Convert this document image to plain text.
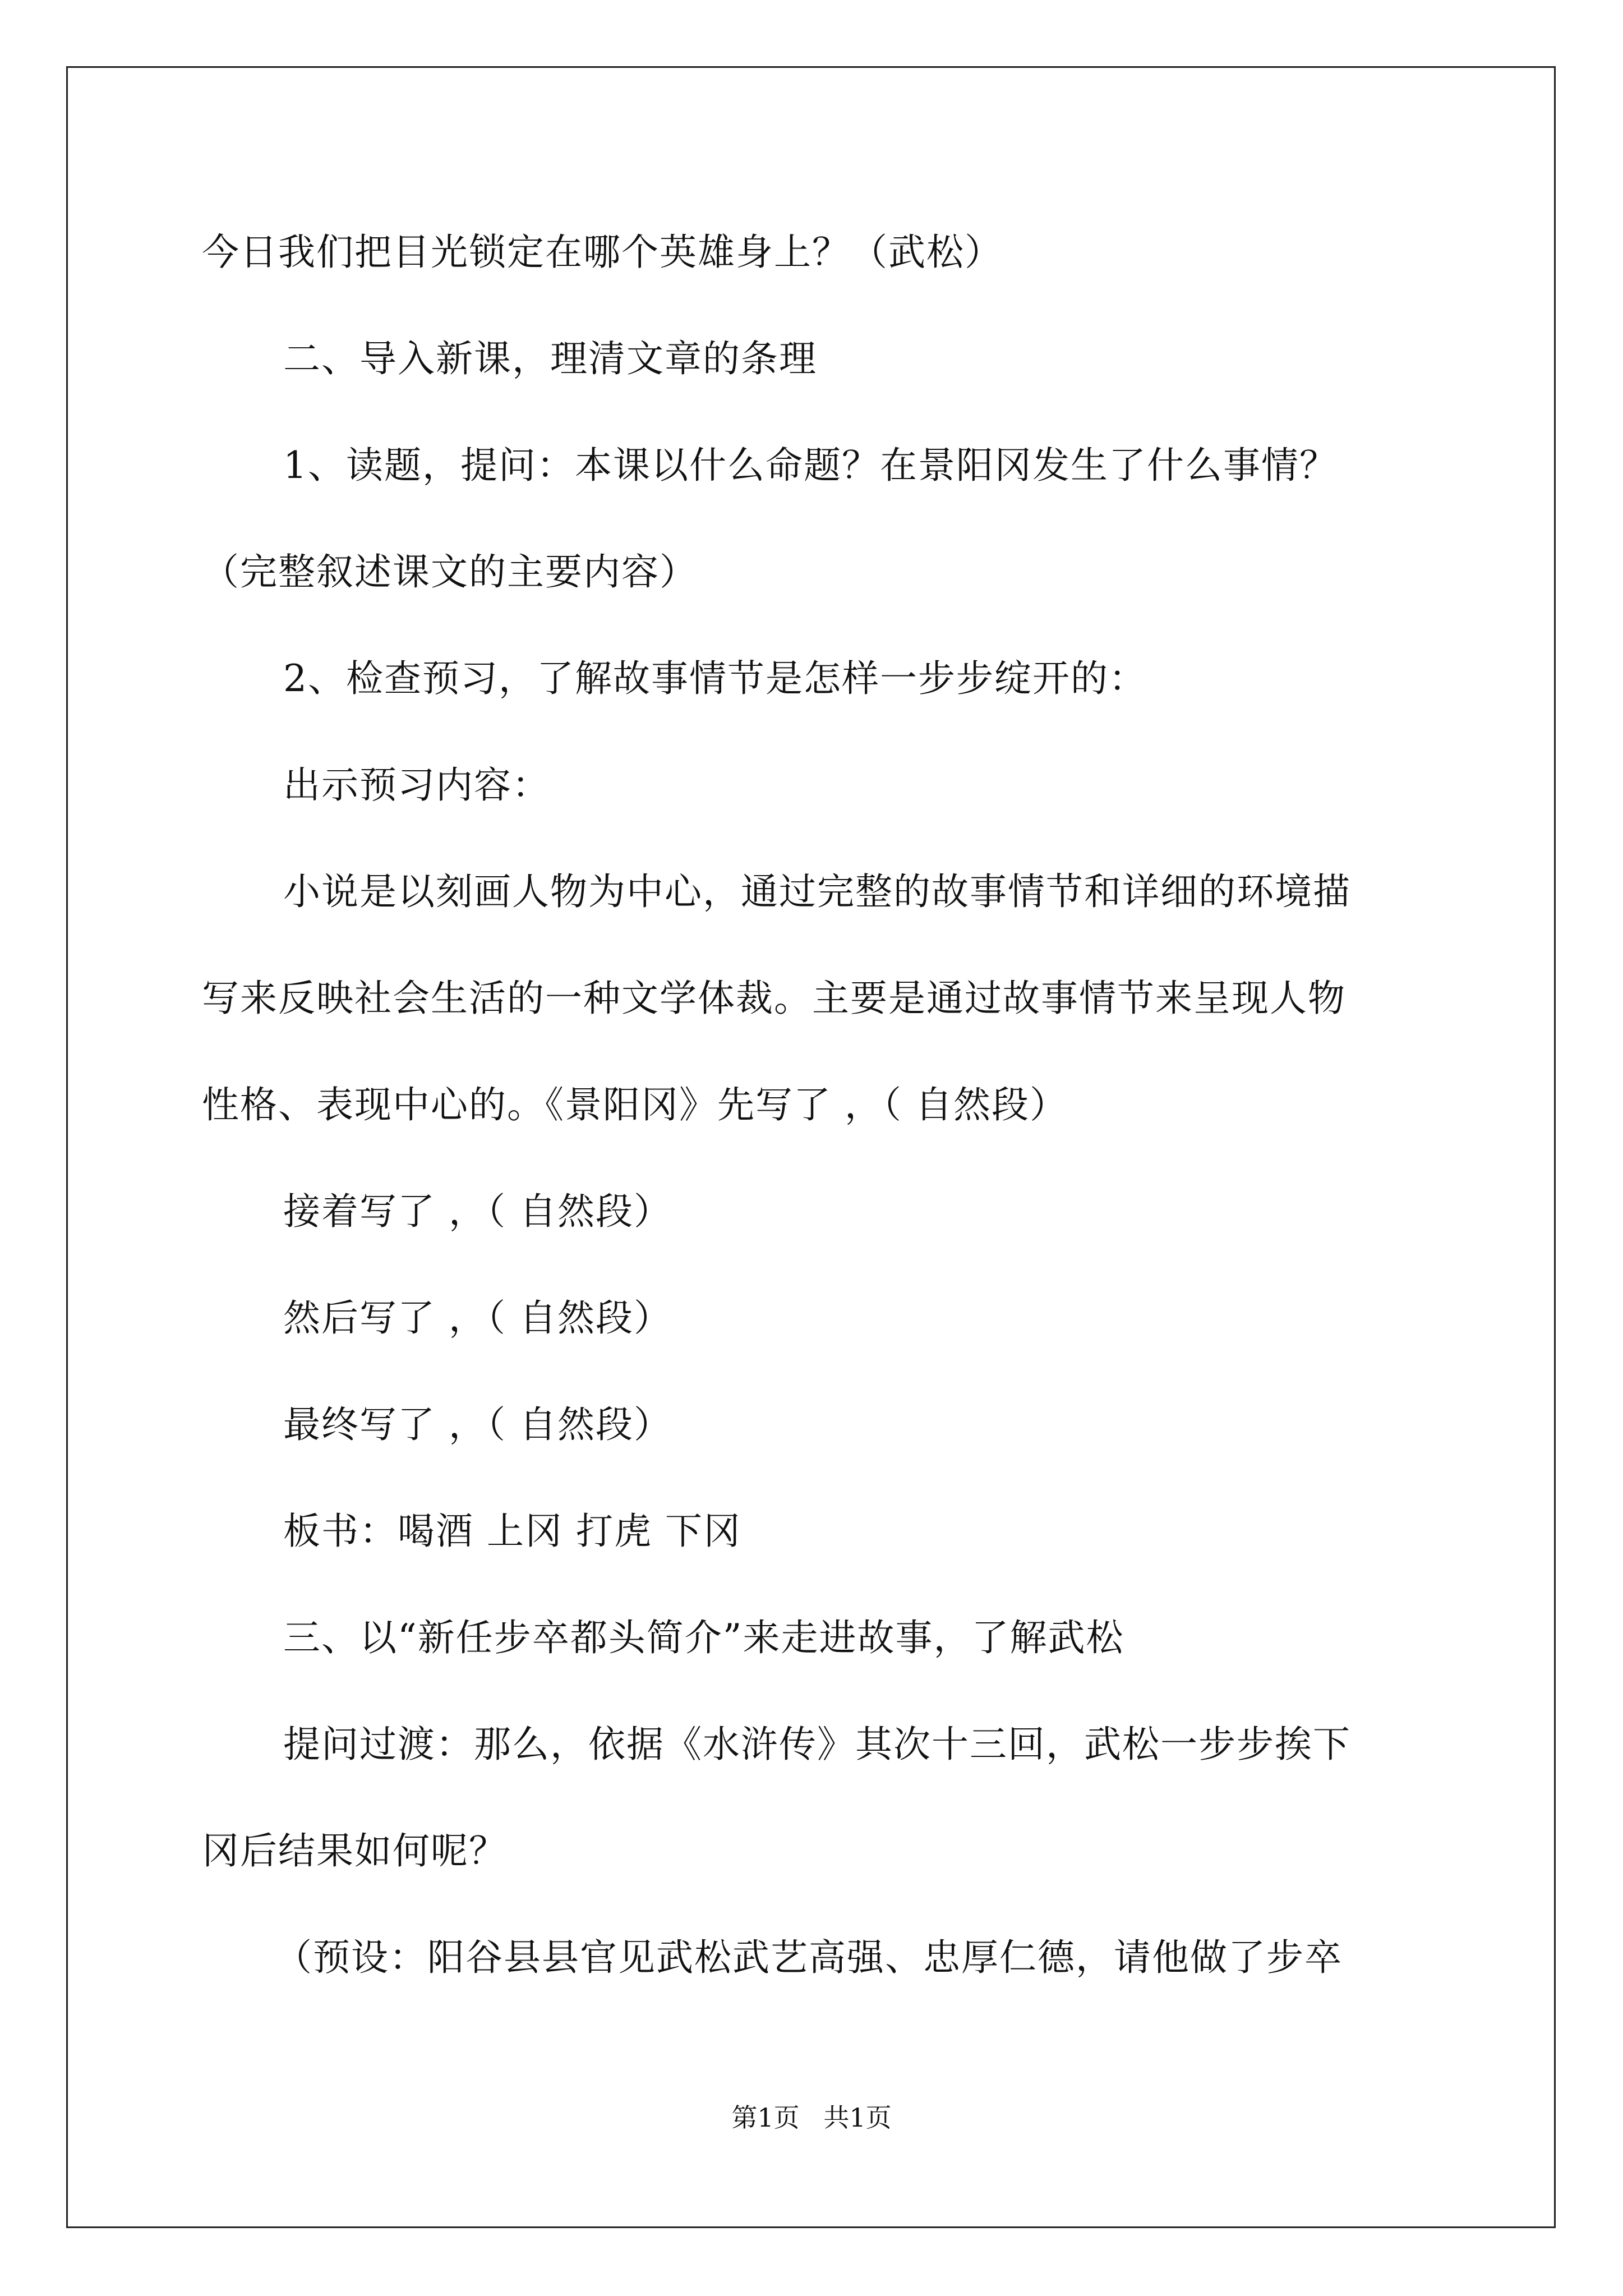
今日我们把目光锁定在哪个英雄身上？（武松）
二、导入新课，理清文章的条理
1、读题，提问：本课以什么命题？在景阳冈发生了什么事情？
（完整叙述课文的主要内容）
2、检查预习，了解故事情节是怎样一步步绽开的：
出示预习内容：
小说是以刻画人物为中心，通过完整的故事情节和详细的环境描
写来反映社会生活的一种文学体裁。主要是通过故事情节来呈现人物
性格、表现中心的。《景阳冈》先写了 ，（ 自然段）
接着写了 ，（ 自然段）
然后写了 ，（ 自然段）
最终写了 ，（ 自然段）
板书：喝酒 上冈 打虎 下冈
三、以“新任步卒都头简介”来走进故事，了解武松
提问过渡：那么，依据《水浒传》其次十三回，武松一步步挨下
冈后结果如何呢？
（预设：阳谷县县官见武松武艺高强、忠厚仁德，请他做了步卒
第1页 共1页
